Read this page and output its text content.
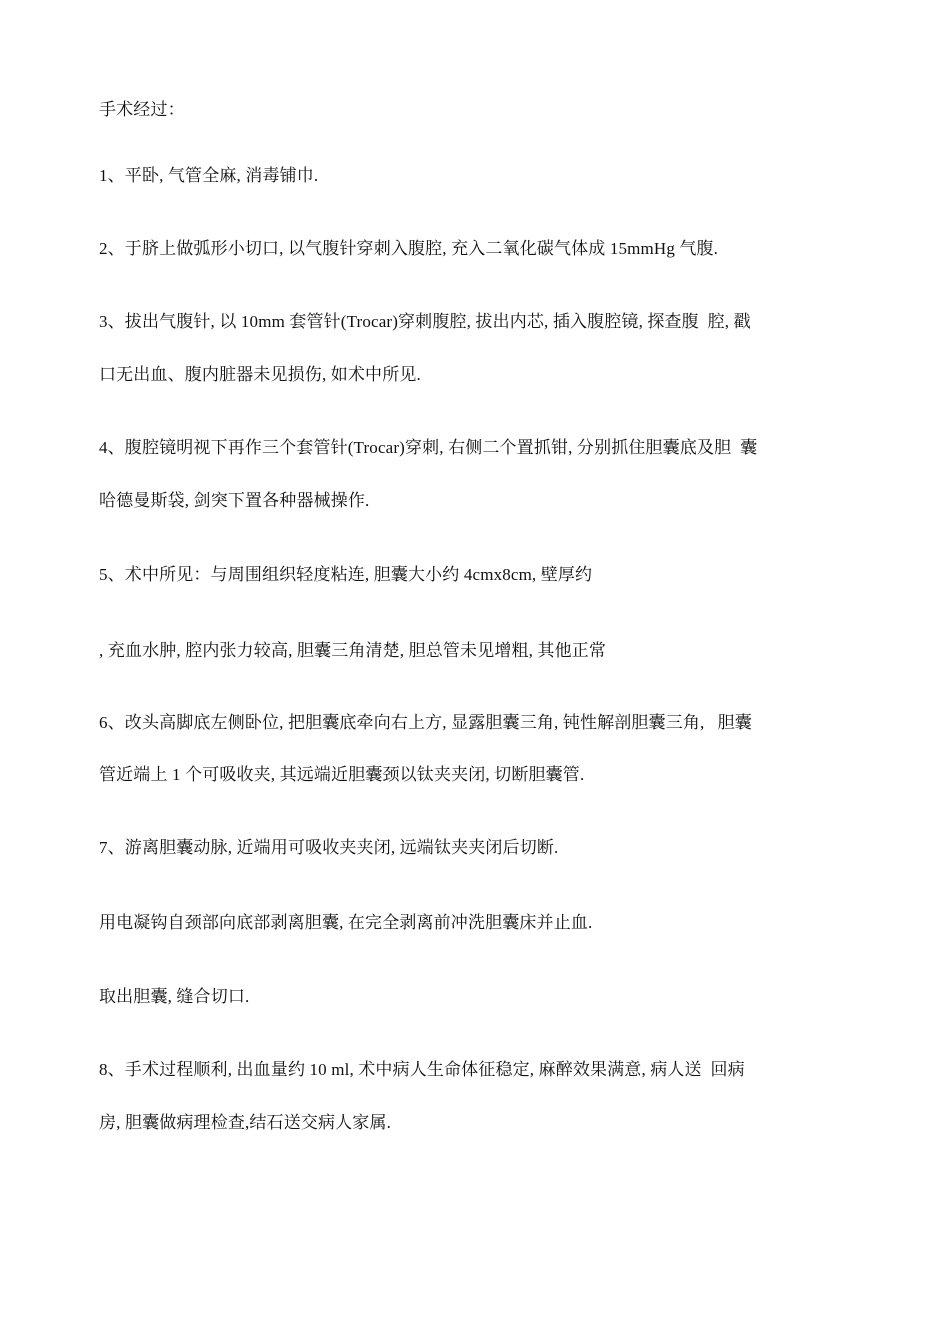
手术经过：
1、平卧, 气管全麻, 消毒铺巾.
2、于脐上做弧形小切口, 以气腹针穿刺入腹腔, 充入二氧化碳气体成 15mmHg 气腹.
3、拔出气腹针, 以 10mm 套管针(Trocar)穿刺腹腔, 拔出内芯, 插入腹腔镜, 探查腹  腔, 戳
口无出血、腹内脏器未见损伤, 如术中所见.
4、腹腔镜明视下再作三个套管针(Trocar)穿刺, 右侧二个置抓钳, 分别抓住胆囊底及胆  囊
哈德曼斯袋, 剑突下置各种器械操作.
5、术中所见：与周围组织轻度粘连, 胆囊大小约 4cmx8cm, 壁厚约
, 充血水肿, 腔内张力较高, 胆囊三角清楚, 胆总管未见增粗, 其他正常
6、改头高脚底左侧卧位, 把胆囊底牵向右上方, 显露胆囊三角, 钝性解剖胆囊三角,   胆囊
管近端上 1 个可吸收夹, 其远端近胆囊颈以钛夹夹闭, 切断胆囊管.
7、游离胆囊动脉, 近端用可吸收夹夹闭, 远端钛夹夹闭后切断.
用电凝钩自颈部向底部剥离胆囊, 在完全剥离前冲洗胆囊床并止血.
取出胆囊, 缝合切口.
8、手术过程顺利, 出血量约 10 ml, 术中病人生命体征稳定, 麻醉效果满意, 病人送  回病
房, 胆囊做病理检查,结石送交病人家属.
